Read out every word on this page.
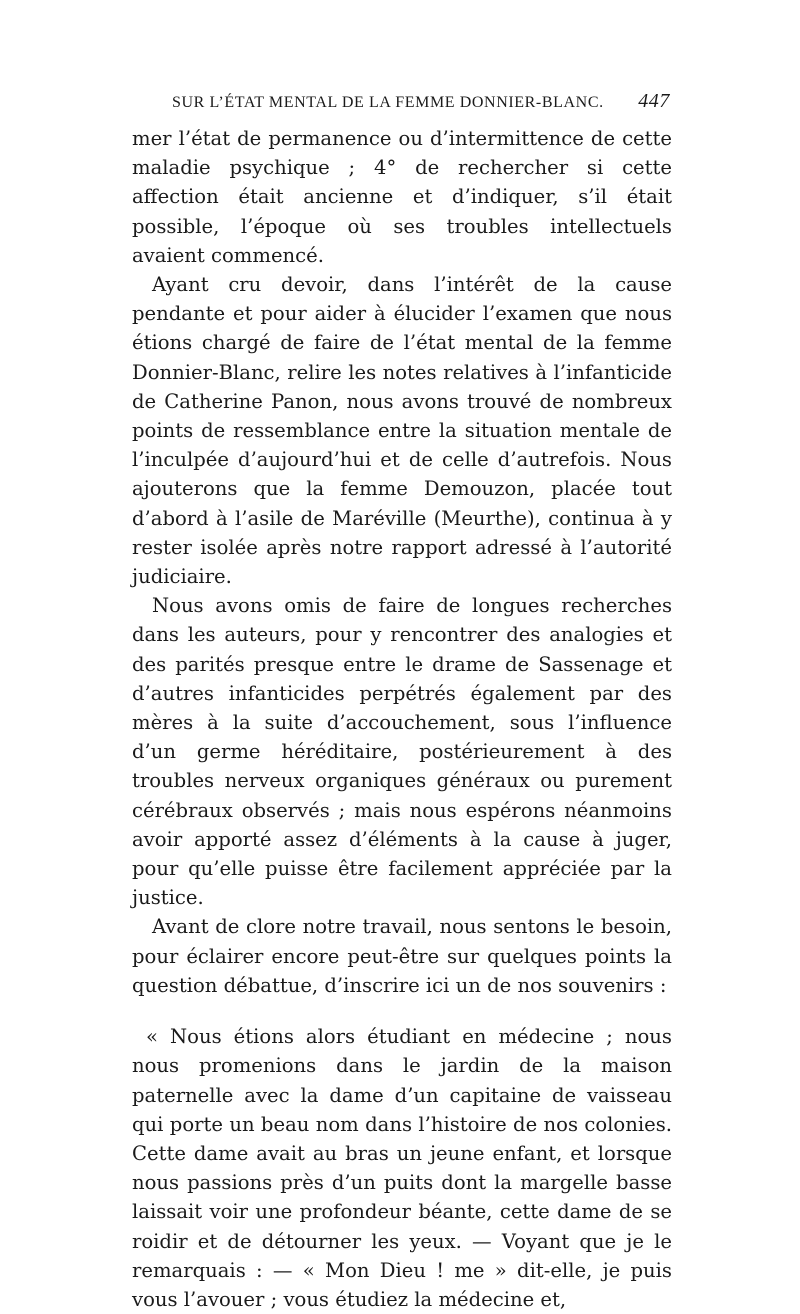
SUR L’ÉTAT MENTAL DE LA FEMME DONNIER-BLANC. 447

mer l’état de permanence ou d’intermittence de cette maladie psychique ; 4° de rechercher si cette affection était ancienne et d’indiquer, s’il était possible, l’époque où ses troubles intellectuels avaient commencé.

Ayant cru devoir, dans l’intérêt de la cause pendante et pour aider à élucider l’examen que nous étions chargé de faire de l’état mental de la femme Donnier-Blanc, relire les notes relatives à l’infanticide de Catherine Panon, nous avons trouvé de nombreux points de ressemblance entre la situation mentale de l’inculpée d’aujourd’hui et de celle d’autrefois. Nous ajouterons que la femme Demouzon, placée tout d’abord à l’asile de Maréville (Meurthe), continua à y rester isolée après notre rapport adressé à l’autorité judiciaire.

Nous avons omis de faire de longues recherches dans les auteurs, pour y rencontrer des analogies et des parités presque entre le drame de Sassenage et d’autres infanticides perpétrés également par des mères à la suite d’accouchement, sous l’influence d’un germe héréditaire, postérieurement à des troubles nerveux organiques généraux ou purement cérébraux observés ; mais nous espérons néanmoins avoir apporté assez d’éléments à la cause à juger, pour qu’elle puisse être facilement appréciée par la justice.

Avant de clore notre travail, nous sentons le besoin, pour éclairer encore peut-être sur quelques points la question débattue, d’inscrire ici un de nos souvenirs :

« Nous étions alors étudiant en médecine ; nous nous promenions dans le jardin de la maison paternelle avec la dame d’un capitaine de vaisseau qui porte un beau nom dans l’histoire de nos colonies. Cette dame avait au bras un jeune enfant, et lorsque nous passions près d’un puits dont la margelle basse laissait voir une profondeur béante, cette dame de se roidir et de détourner les yeux. — Voyant que je le remarquais : — « Mon Dieu ! me » dit-elle, je puis vous l’avouer ; vous étudiez la médecine et,
